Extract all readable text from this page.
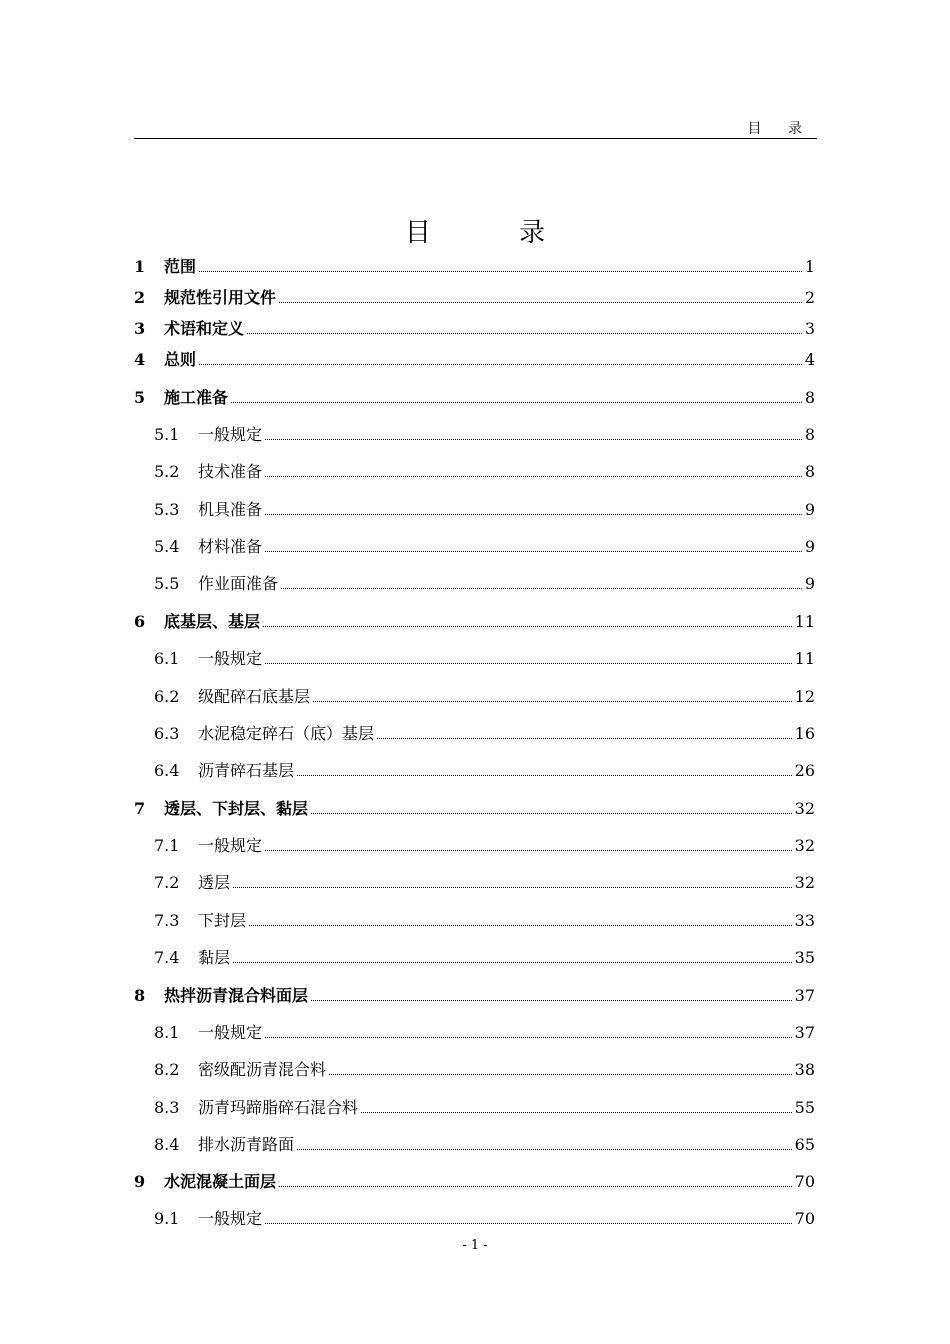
目 录
目 录
1	范围	1
2	规范性引用文件	2
3	术语和定义	3
4	总则	4
5	施工准备	8
5.1	一般规定	8
5.2	技术准备	8
5.3	机具准备	9
5.4	材料准备	9
5.5	作业面准备	9
6	底基层、基层	11
6.1	一般规定	11
6.2	级配碎石底基层	12
6.3	水泥稳定碎石（底）基层	16
6.4	沥青碎石基层	26
7	透层、下封层、黏层	32
7.1	一般规定	32
7.2	透层	32
7.3	下封层	33
7.4	黏层	35
8	热拌沥青混合料面层	37
8.1	一般规定	37
8.2	密级配沥青混合料	38
8.3	沥青玛蹄脂碎石混合料	55
8.4	排水沥青路面	65
9	水泥混凝土面层	70
9.1	一般规定	70
- 1 -
